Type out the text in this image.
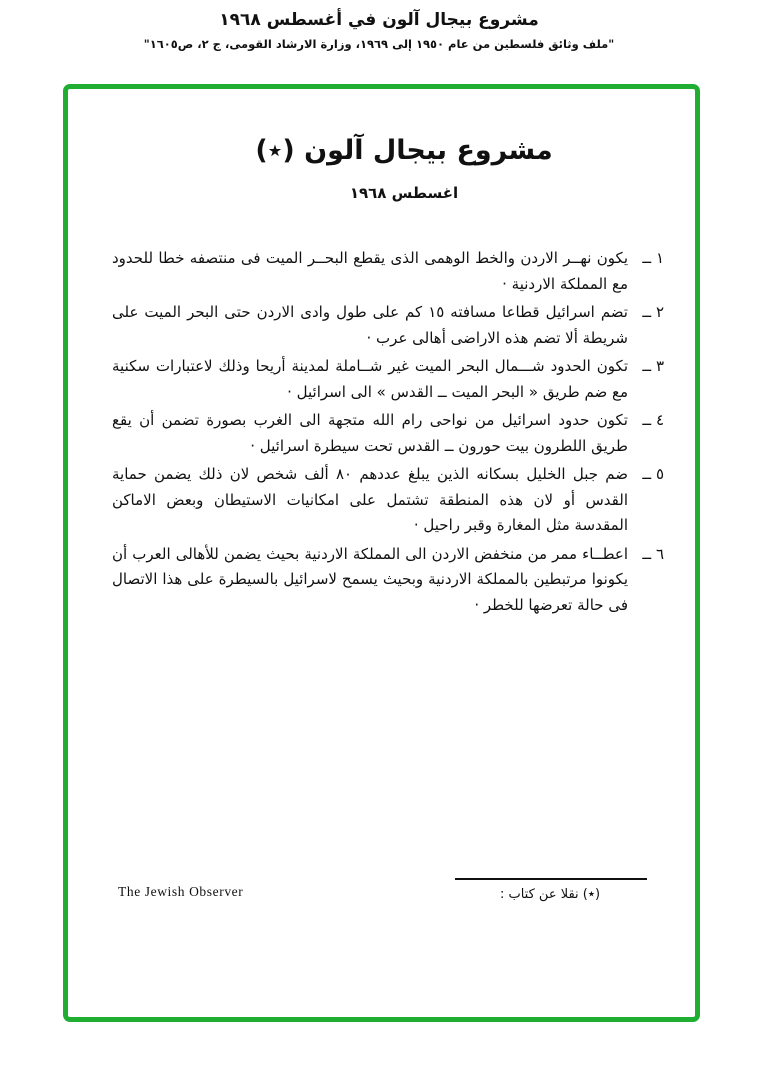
مشروع بيجال آلون في أغسطس ١٩٦٨
"ملف وثائق فلسطين من عام ١٩٥٠ إلى ١٩٦٩، وزارة الارشاد القومى، ج ٢، ص١٦٠٥"
مشروع بيجال آلون (٭)
اغسطس ١٩٦٨
١ ــيكون نهــر الاردن والخط الوهمى الذى يقطع البحــر الميت فى منتصفه خطا للحدود مع المملكة الاردنية ·
٢ ــتضم اسرائيل قطاعا مسافته ١٥ كم على طول وادى الاردن حتى البحر الميت على شريطة ألا تضم هذه الاراضى أهالى عرب ·
٣ ــتكون الحدود شـــمال البحر الميت غير شــاملة لمدينة أريحا وذلك لاعتبارات سكنية مع ضم طريق « البحر الميت ــ القدس » الى اسرائيل ·
٤ ــتكون حدود اسرائيل من نواحى رام الله متجهة الى الغرب بصورة تضمن أن يقع طريق اللطرون بيت حورون ــ القدس تحت سيطرة اسرائيل ·
٥ ــضم جبل الخليل بسكانه الذين يبلغ عددهم ٨٠ ألف شخص لان ذلك يضمن حماية القدس أو لان هذه المنطقة تشتمل على امكانيات الاستيطان وبعض الاماكن المقدسة مثل المغارة وقبر راحيل ·
٦ ــاعطــاء ممر من منخفض الاردن الى المملكة الاردنية بحيث يضمن للأهالى العرب أن يكونوا مرتبطين بالمملكة الاردنية وبحيث يسمح لاسرائيل بالسيطرة على هذا الاتصال فى حالة تعرضها للخطر ·
The Jewish Observer	(٭) نقلا عن كتاب :
